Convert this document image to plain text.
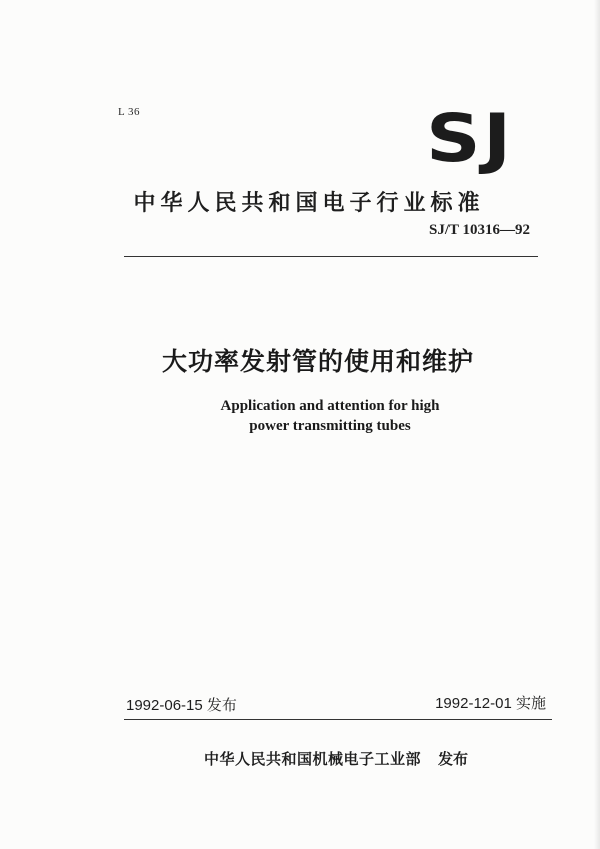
L 36	SJ
中华人民共和国电子行业标准
SJ/T 10316—92
大功率发射管的使用和维护
Application and attention for high
power transmitting tubes
1992-06-15 发布	1992-12-01 实施
中华人民共和国机械电子工业部 发布
